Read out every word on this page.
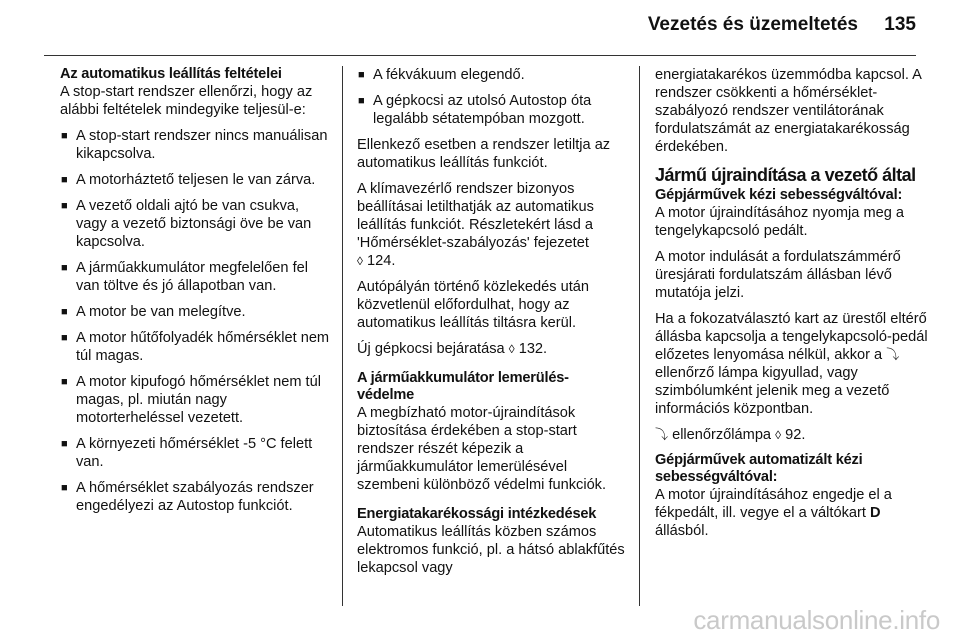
Vezetés és üzemeltetés 135
Az automatikus leállítás feltételei

A stop-start rendszer ellenőrzi, hogy az alábbi feltételek mindegyike teljesül-e:

■ A stop-start rendszer nincs manuálisan kikapcsolva.
■ A motorháztető teljesen le van zárva.
■ A vezető oldali ajtó be van csukva, vagy a vezető biztonsági öve be van kapcsolva.
■ A járműakkumulátor megfelelően fel van töltve és jó állapotban van.
■ A motor be van melegítve.
■ A motor hűtőfolyadék hőmérséklet nem túl magas.
■ A motor kipufogó hőmérséklet nem túl magas, pl. miután nagy motorterheléssel vezetett.
■ A környezeti hőmérséklet -5 °C felett van.
■ A hőmérséklet szabályozás rendszer engedélyezi az Autostop funkciót.
■ A fékvákuum elegendő.
■ A gépkocsi az utolsó Autostop óta legalább sétatempóban mozgott.

Ellenkező esetben a rendszer letiltja az automatikus leállítás funkciót.

A klímavezérlő rendszer bizonyos beállításai letilthatják az automatikus leállítás funkciót. Részletekért lásd a 'Hőmérséklet-szabályozás' fejezetet
◊ 124.

Autópályán történő közlekedés után közvetlenül előfordulhat, hogy az automatikus leállítás tiltásra kerül.

Új gépkocsi bejáratása ◊ 132.

A járműakkumulátor lemerülés-védelme

A megbízható motor-újraindítások biztosítása érdekében a stop-start rendszer részét képezik a járműakkumulátor lemerülésével szembeni különböző védelmi funkciók.

Energiatakarékossági intézkedések

Automatikus leállítás közben számos elektromos funkció, pl. a hátsó ablakfűtés lekapcsol vagy

energiatakarékos üzemmódba kapcsol. A rendszer csökkenti a hőmérséklet-szabályozó rendszer ventilátorának fordulatszámát az energiatakarékosság érdekében.

Jármű újraindítása a vezető által
Gépjárművek kézi sebességváltóval:

A motor újraindításához nyomja meg a tengelykapcsoló pedált.

A motor indulását a fordulatszámmérő üresjárati fordulatszám állásban lévő mutatója jelzi.

Ha a fokozatválasztó kart az ürestől eltérő állásba kapcsolja a tengelykapcsoló-pedál előzetes lenyomása nélkül, akkor a ⤵
ellenőrző lámpa kigyullad, vagy szimbólumként jelenik meg a vezető információs központban.

⤵ ellenőrzőlámpa ◊ 92.

Gépjárművek automatizált kézi sebességváltóval:

A motor újraindításához engedje el a fékpedált, ill. vegye el a váltókart D
állásból.

carmanualsonline.info
